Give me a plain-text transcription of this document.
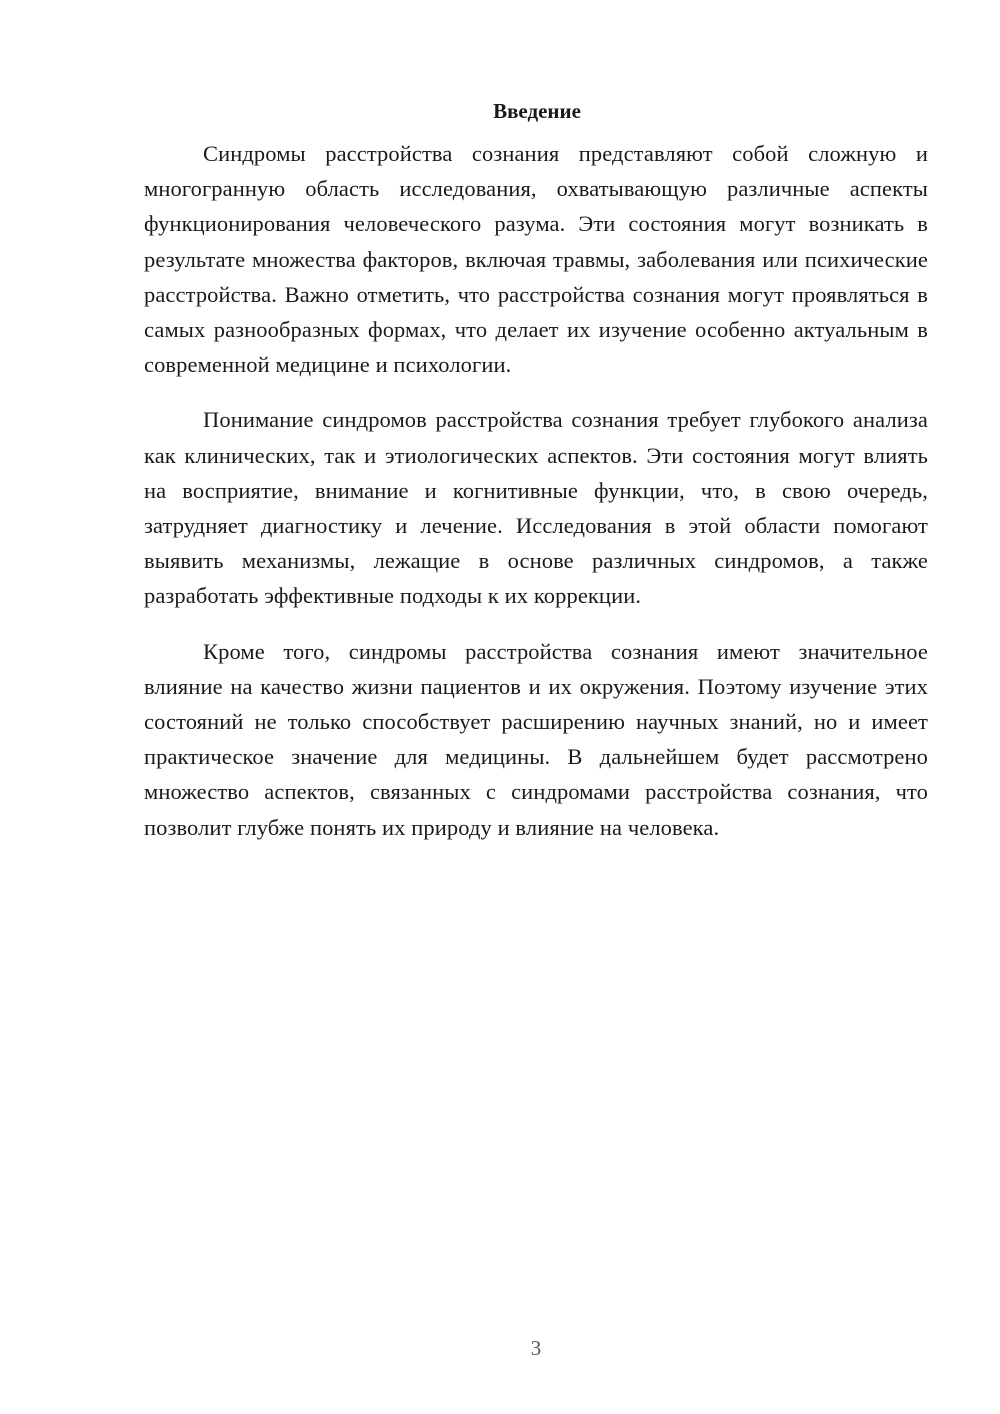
Введение

Синдромы расстройства сознания представляют собой сложную и многогранную область исследования, охватывающую различные аспекты функционирования человеческого разума. Эти состояния могут возникать в результате множества факторов, включая травмы, заболевания или психические расстройства. Важно отметить, что расстройства сознания могут проявляться в самых разнообразных формах, что делает их изучение особенно актуальным в современной медицине и психологии.

Понимание синдромов расстройства сознания требует глубокого анализа как клинических, так и этиологических аспектов. Эти состояния могут влиять на восприятие, внимание и когнитивные функции, что, в свою очередь, затрудняет диагностику и лечение. Исследования в этой области помогают выявить механизмы, лежащие в основе различных синдромов, а также разработать эффективные подходы к их коррекции.

Кроме того, синдромы расстройства сознания имеют значительное влияние на качество жизни пациентов и их окружения. Поэтому изучение этих состояний не только способствует расширению научных знаний, но и имеет практическое значение для медицины. В дальнейшем будет рассмотрено множество аспектов, связанных с синдромами расстройства сознания, что позволит глубже понять их природу и влияние на человека.

3
